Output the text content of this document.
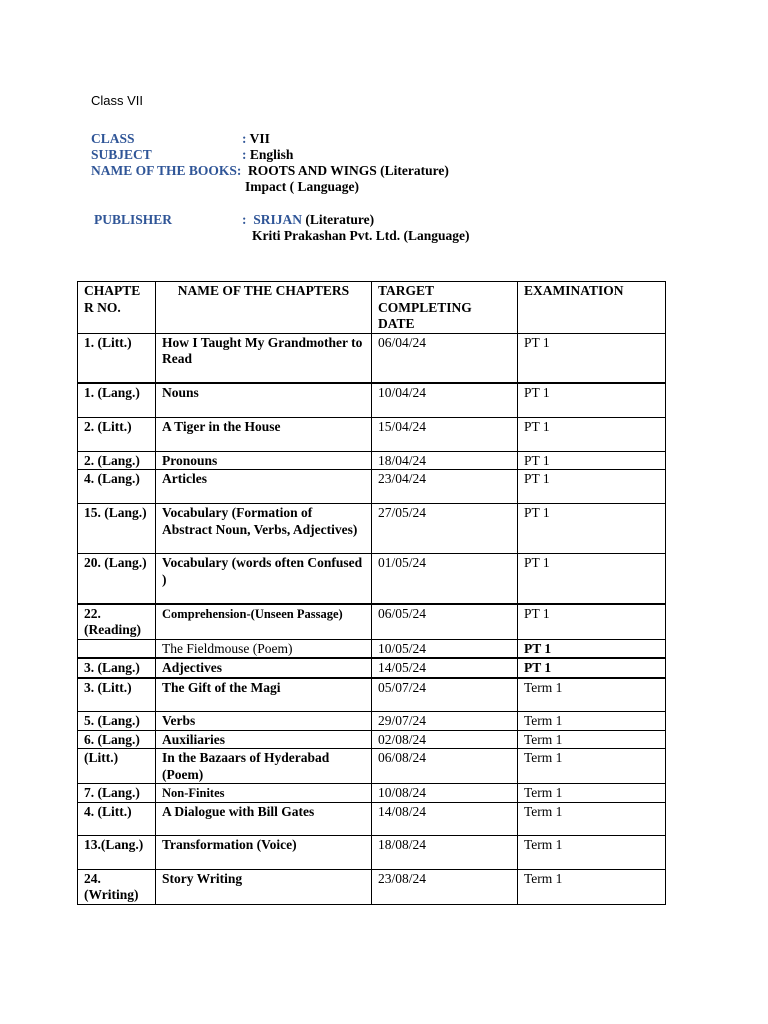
Class VII
CLASS	: VII
SUBJECT	: English
NAME OF THE BOOKS: ROOTS AND WINGS (Literature)
Impact ( Language)
PUBLISHER	: SRIJAN (Literature)
Kriti Prakashan Pvt. Ltd. (Language)
CHAPTE R NO.	NAME OF THE CHAPTERS	TARGET COMPLETING DATE	EXAMINATION
1. (Litt.)	How I Taught My Grandmother to Read	06/04/24	PT 1
1. (Lang.)	Nouns	10/04/24	PT 1
2. (Litt.)	A Tiger in the House	15/04/24	PT 1
2. (Lang.)	Pronouns	18/04/24	PT 1
4. (Lang.)	Articles	23/04/24	PT 1
15. (Lang.)	Vocabulary (Formation of Abstract Noun, Verbs, Adjectives)	27/05/24	PT 1
20. (Lang.)	Vocabulary (words often Confused )	01/05/24	PT 1
22. (Reading)	Comprehension-(Unseen Passage)	06/05/24	PT 1
	The Fieldmouse (Poem)	10/05/24	PT 1
3. (Lang.)	Adjectives	14/05/24	PT 1
3. (Litt.)	The Gift of the Magi	05/07/24	Term 1
5. (Lang.)	Verbs	29/07/24	Term 1
6. (Lang.)	Auxiliaries	02/08/24	Term 1
(Litt.)	In the Bazaars of Hyderabad (Poem)	06/08/24	Term 1
7. (Lang.)	Non-Finites	10/08/24	Term 1
4. (Litt.)	A Dialogue with Bill Gates	14/08/24	Term 1
13.(Lang.)	Transformation (Voice)	18/08/24	Term 1
24. (Writing)	Story Writing	23/08/24	Term 1
